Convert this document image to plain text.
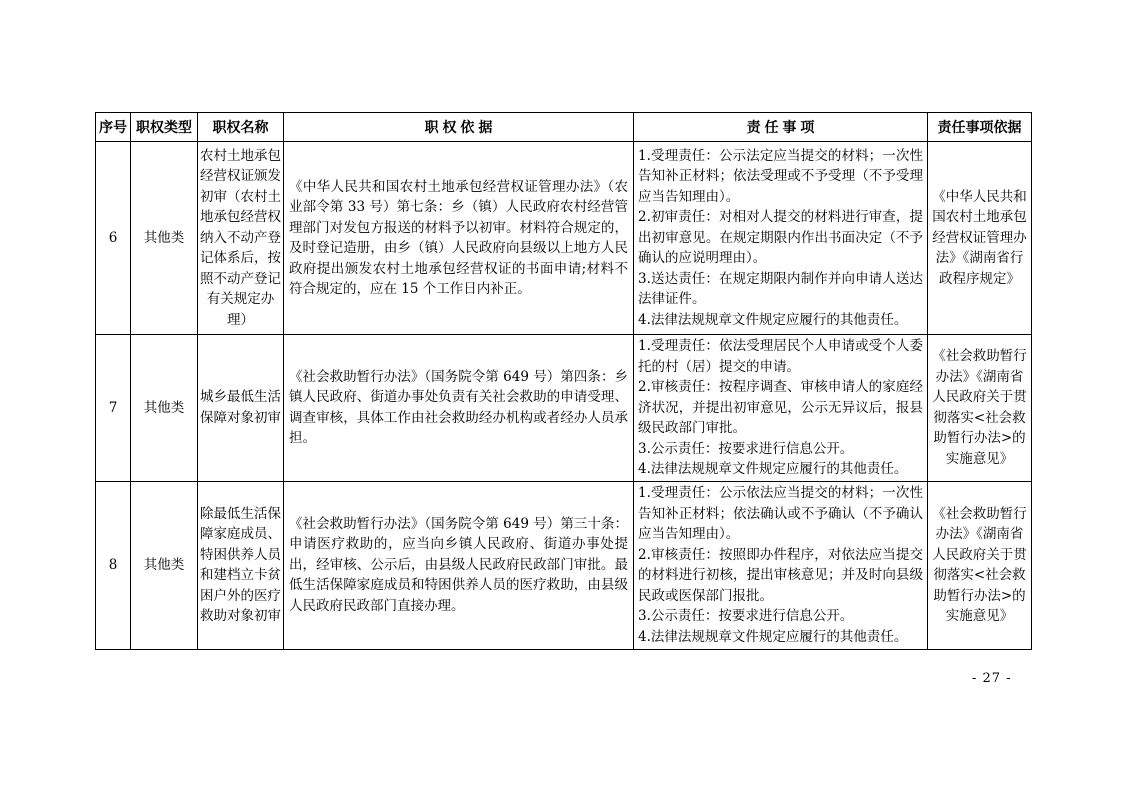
序号	职权类型	职权名称	职 权 依 据	责 任 事 项	责任事项依据
6	其他类	农村土地承包经营权证颁发初审（农村土地承包经营权纳入不动产登记体系后，按照不动产登记有关规定办理）	《中华人民共和国农村土地承包经营权证管理办法》（农业部令第 33 号）第七条：乡（镇）人民政府农村经营管理部门对发包方报送的材料予以初审。材料符合规定的，及时登记造册，由乡（镇）人民政府向县级以上地方人民政府提出颁发农村土地承包经营权证的书面申请;材料不符合规定的，应在 15 个工作日内补正。	1.受理责任：公示法定应当提交的材料；一次性告知补正材料；依法受理或不予受理（不予受理应当告知理由）。
2.初审责任：对相对人提交的材料进行审查，提出初审意见。在规定期限内作出书面决定（不予确认的应说明理由）。
3.送达责任：在规定期限内制作并向申请人送达法律证件。
4.法律法规规章文件规定应履行的其他责任。	《中华人民共和国农村土地承包经营权证管理办法》《湖南省行政程序规定》
7	其他类	城乡最低生活保障对象初审	《社会救助暂行办法》（国务院令第 649 号）第四条：乡镇人民政府、街道办事处负责有关社会救助的申请受理、调查审核，具体工作由社会救助经办机构或者经办人员承担。	1.受理责任：依法受理居民个人申请或受个人委托的村（居）提交的申请。
2.审核责任：按程序调查、审核申请人的家庭经济状况，并提出初审意见，公示无异议后，报县级民政部门审批。
3.公示责任：按要求进行信息公开。
4.法律法规规章文件规定应履行的其他责任。	《社会救助暂行办法》《湖南省人民政府关于贯彻落实<社会救助暂行办法>的实施意见》
8	其他类	除最低生活保障家庭成员、特困供养人员和建档立卡贫困户外的医疗救助对象初审	《社会救助暂行办法》（国务院令第 649 号）第三十条：申请医疗救助的，应当向乡镇人民政府、街道办事处提出，经审核、公示后，由县级人民政府民政部门审批。最低生活保障家庭成员和特困供养人员的医疗救助，由县级人民政府民政部门直接办理。	1.受理责任：公示依法应当提交的材料；一次性告知补正材料；依法确认或不予确认（不予确认应当告知理由）。
2.审核责任：按照即办件程序，对依法应当提交的材料进行初核，提出审核意见；并及时向县级民政或医保部门报批。
3.公示责任：按要求进行信息公开。
4.法律法规规章文件规定应履行的其他责任。	《社会救助暂行办法》《湖南省人民政府关于贯彻落实<社会救助暂行办法>的实施意见》
- 27 -
